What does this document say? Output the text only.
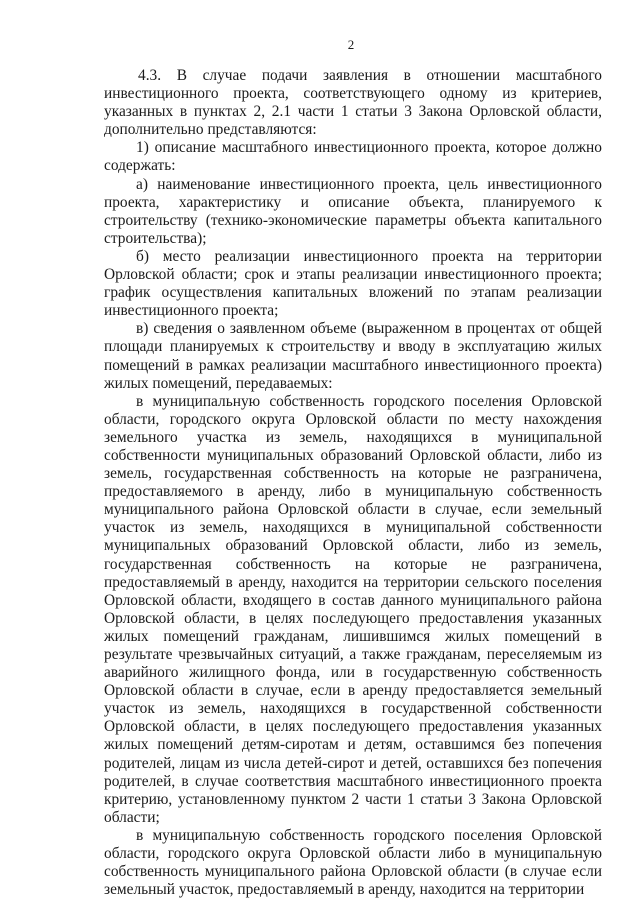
2

4.3. В случае подачи заявления в отношении масштабного инвестиционного проекта, соответствующего одному из критериев, указанных в пунктах 2, 2.1 части 1 статьи 3 Закона Орловской области, дополнительно представляются:

1) описание масштабного инвестиционного проекта, которое должно содержать:

а) наименование инвестиционного проекта, цель инвестиционного проекта, характеристику и описание объекта, планируемого к строительству (технико-экономические параметры объекта капитального строительства);

б) место реализации инвестиционного проекта на территории Орловской области; срок и этапы реализации инвестиционного проекта; график осуществления капитальных вложений по этапам реализации инвестиционного проекта;

в) сведения о заявленном объеме (выраженном в процентах от общей площади планируемых к строительству и вводу в эксплуатацию жилых помещений в рамках реализации масштабного инвестиционного проекта) жилых помещений, передаваемых:

в муниципальную собственность городского поселения Орловской области, городского округа Орловской области по месту нахождения земельного участка из земель, находящихся в муниципальной собственности муниципальных образований Орловской области, либо из земель, государственная собственность на которые не разграничена, предоставляемого в аренду, либо в муниципальную собственность муниципального района Орловской области в случае, если земельный участок из земель, находящихся в муниципальной собственности муниципальных образований Орловской области, либо из земель, государственная собственность на которые не разграничена, предоставляемый в аренду, находится на территории сельского поселения Орловской области, входящего в состав данного муниципального района Орловской области, в целях последующего предоставления указанных жилых помещений гражданам, лишившимся жилых помещений в результате чрезвычайных ситуаций, а также гражданам, переселяемым из аварийного жилищного фонда, или в государственную собственность Орловской области в случае, если в аренду предоставляется земельный участок из земель, находящихся в государственной собственности Орловской области, в целях последующего предоставления указанных жилых помещений детям-сиротам и детям, оставшимся без попечения родителей, лицам из числа детей-сирот и детей, оставшихся без попечения родителей, в случае соответствия масштабного инвестиционного проекта критерию, установленному пунктом 2 части 1 статьи 3 Закона Орловской области;

в муниципальную собственность городского поселения Орловской области, городского округа Орловской области либо в муниципальную собственность муниципального района Орловской области (в случае если земельный участок, предоставляемый в аренду, находится на территории
